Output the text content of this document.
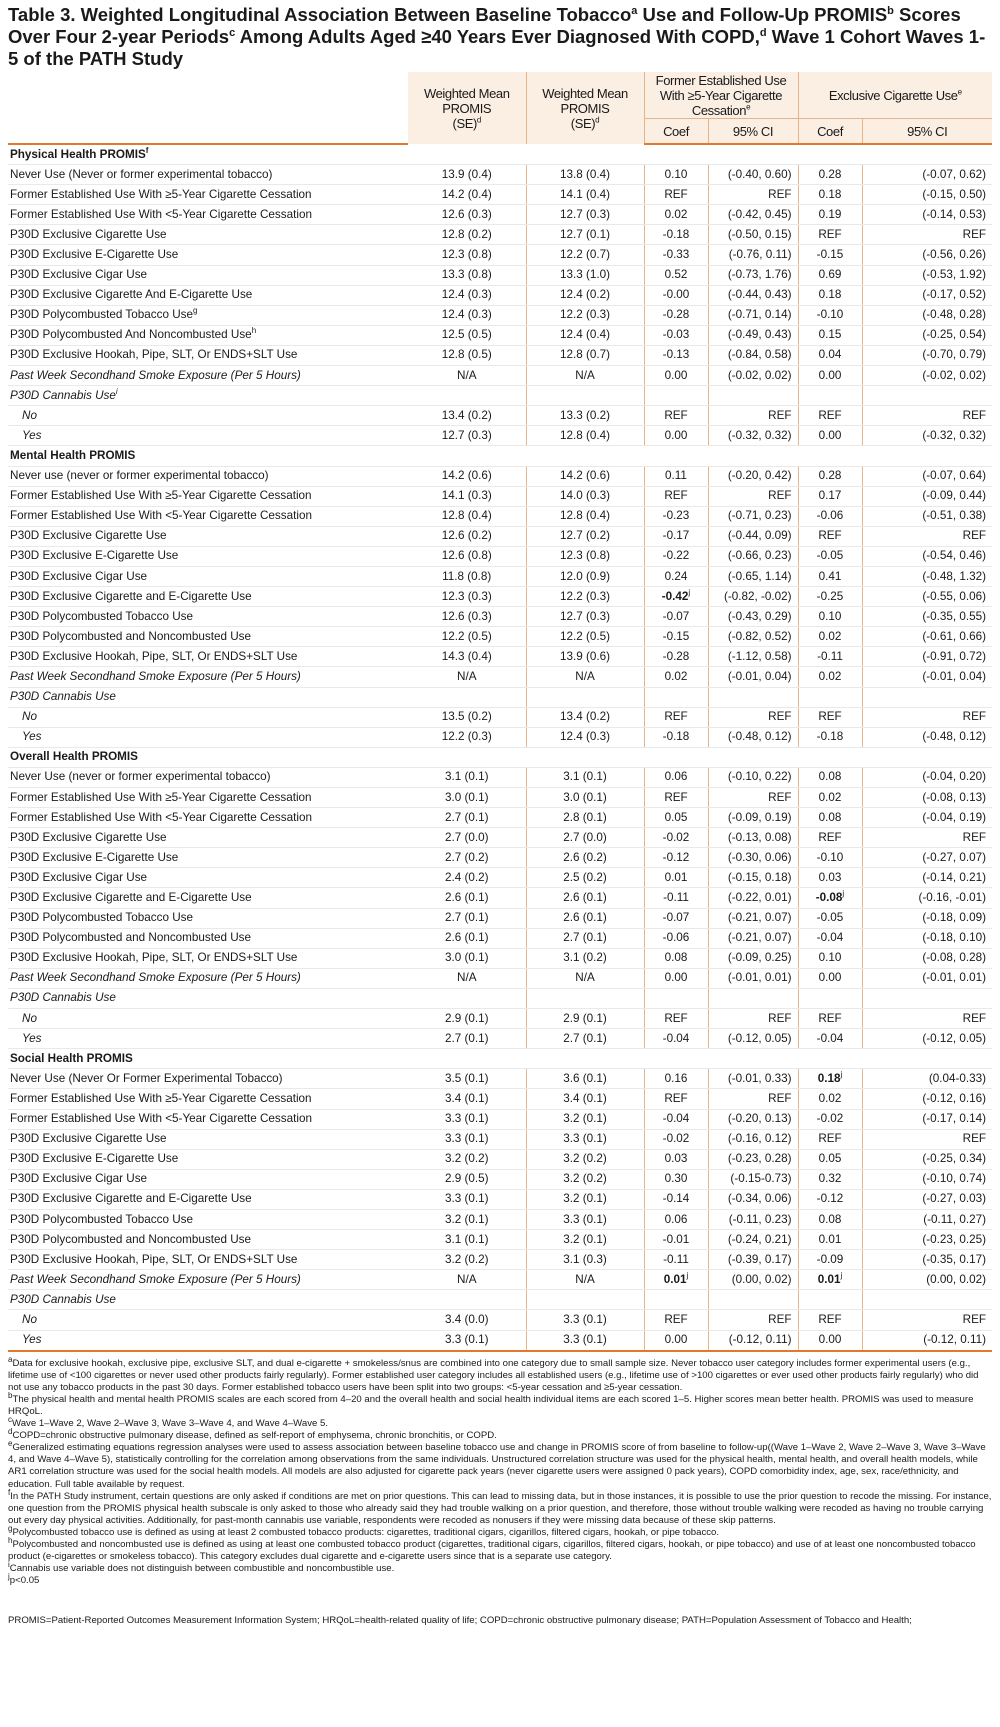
Table 3. Weighted Longitudinal Association Between Baseline Tobacco$^a$ Use and Follow-Up PROMIS$^b$ Scores Over Four 2-year Periods$^c$ Among Adults Aged ≥40 Years Ever Diagnosed With COPD,$^d$ Wave 1 Cohort Waves 1-5 of the PATH Study
	Weighted Mean
PROMIS
(SE)$^d$	Weighted Mean
PROMIS
(SE)$^d$	Former Established Use With ≥5-Year Cigarette Cessation$^e$		Exclusive Cigarette Use$^e$
			Coef	95% CI	Coef	95% CI
Physical Health PROMIS$^f$
Never Use (Never or former experimental tobacco)	13.9 (0.4)	13.8 (0.4)	0.10	(-0.40, 0.60)	0.28	(-0.07, 0.62)
Former Established Use With ≥5-Year Cigarette Cessation	14.2 (0.4)	14.1 (0.4)	REF	REF	0.18	(-0.15, 0.50)
Former Established Use With <5-Year Cigarette Cessation	12.6 (0.3)	12.7 (0.3)	0.02	(-0.42, 0.45)	0.19	(-0.14, 0.53)
P30D Exclusive Cigarette Use	12.8 (0.2)	12.7 (0.1)	-0.18	(-0.50, 0.15)	REF	REF
P30D Exclusive E-Cigarette Use	12.3 (0.8)	12.2 (0.7)	-0.33	(-0.76, 0.11)	-0.15	(-0.56, 0.26)
P30D Exclusive Cigar Use	13.3 (0.8)	13.3 (1.0)	0.52	(-0.73, 1.76)	0.69	(-0.53, 1.92)
P30D Exclusive Cigarette And E-Cigarette Use	12.4 (0.3)	12.4 (0.2)	-0.00	(-0.44, 0.43)	0.18	(-0.17, 0.52)
P30D Polycombusted Tobacco Use$^g$	12.4 (0.3)	12.2 (0.3)	-0.28	(-0.71, 0.14)	-0.10	(-0.48, 0.28)
P30D Polycombusted And Noncombusted Use$^h$	12.5 (0.5)	12.4 (0.4)	-0.03	(-0.49, 0.43)	0.15	(-0.25, 0.54)
P30D Exclusive Hookah, Pipe, SLT, Or ENDS+SLT Use	12.8 (0.5)	12.8 (0.7)	-0.13	(-0.84, 0.58)	0.04	(-0.70, 0.79)
Past Week Secondhand Smoke Exposure (Per 5 Hours)	N/A	N/A	0.00	(-0.02, 0.02)	0.00	(-0.02, 0.02)
P30D Cannabis Use$^i$						
No	13.4 (0.2)	13.3 (0.2)	REF	REF	REF	REF
Yes	12.7 (0.3)	12.8 (0.4)	0.00	(-0.32, 0.32)	0.00	(-0.32, 0.32)
Mental Health PROMIS						
Never use (never or former experimental tobacco)	14.2 (0.6)	14.2 (0.6)	0.11	(-0.20, 0.42)	0.28	(-0.07, 0.64)
Former Established Use With ≥5-Year Cigarette Cessation	14.1 (0.3)	14.0 (0.3)	REF	REF	0.17	(-0.09, 0.44)
Former Established Use With <5-Year Cigarette Cessation	12.8 (0.4)	12.8 (0.4)	-0.23	(-0.71, 0.23)	-0.06	(-0.51, 0.38)
P30D Exclusive Cigarette Use	12.6 (0.2)	12.7 (0.2)	-0.17	(-0.44, 0.09)	REF	REF
P30D Exclusive E-Cigarette Use	12.6 (0.8)	12.3 (0.8)	-0.22	(-0.66, 0.23)	-0.05	(-0.54, 0.46)
P30D Exclusive Cigar Use	11.8 (0.8)	12.0 (0.9)	0.24	(-0.65, 1.14)	0.41	(-0.48, 1.32)
P30D Exclusive Cigarette and E-Cigarette Use	12.3 (0.3)	12.2 (0.3)	-0.42$^j$	(-0.82, -0.02)	-0.25	(-0.55, 0.06)
P30D Polycombusted Tobacco Use	12.6 (0.3)	12.7 (0.3)	-0.07	(-0.43, 0.29)	0.10	(-0.35, 0.55)
P30D Polycombusted and Noncombusted Use	12.2 (0.5)	12.2 (0.5)	-0.15	(-0.82, 0.52)	0.02	(-0.61, 0.66)
P30D Exclusive Hookah, Pipe, SLT, Or ENDS+SLT Use	14.3 (0.4)	13.9 (0.6)	-0.28	(-1.12, 0.58)	-0.11	(-0.91, 0.72)
Past Week Secondhand Smoke Exposure (Per 5 Hours)	N/A	N/A	0.02	(-0.01, 0.04)	0.02	(-0.01, 0.04)
P30D Cannabis Use						
No	13.5 (0.2)	13.4 (0.2)	REF	REF	REF	REF
Yes	12.2 (0.3)	12.4 (0.3)	-0.18	(-0.48, 0.12)	-0.18	(-0.48, 0.12)
Overall Health PROMIS						
Never Use (never or former experimental tobacco)	3.1 (0.1)	3.1 (0.1)	0.06	(-0.10, 0.22)	0.08	(-0.04, 0.20)
Former Established Use With ≥5-Year Cigarette Cessation	3.0 (0.1)	3.0 (0.1)	REF	REF	0.02	(-0.08, 0.13)
Former Established Use With <5-Year Cigarette Cessation	2.7 (0.1)	2.8 (0.1)	0.05	(-0.09, 0.19)	0.08	(-0.04, 0.19)
P30D Exclusive Cigarette Use	2.7 (0.0)	2.7 (0.0)	-0.02	(-0.13, 0.08)	REF	REF
P30D Exclusive E-Cigarette Use	2.7 (0.2)	2.6 (0.2)	-0.12	(-0.30, 0.06)	-0.10	(-0.27, 0.07)
P30D Exclusive Cigar Use	2.4 (0.2)	2.5 (0.2)	0.01	(-0.15, 0.18)	0.03	(-0.14, 0.21)
P30D Exclusive Cigarette and E-Cigarette Use	2.6 (0.1)	2.6 (0.1)	-0.11	(-0.22, 0.01)	-0.08$^j$	(-0.16, -0.01)
P30D Polycombusted Tobacco Use	2.7 (0.1)	2.6 (0.1)	-0.07	(-0.21, 0.07)	-0.05	(-0.18, 0.09)
P30D Polycombusted and Noncombusted Use	2.6 (0.1)	2.7 (0.1)	-0.06	(-0.21, 0.07)	-0.04	(-0.18, 0.10)
P30D Exclusive Hookah, Pipe, SLT, Or ENDS+SLT Use	3.0 (0.1)	3.1 (0.2)	0.08	(-0.09, 0.25)	0.10	(-0.08, 0.28)
Past Week Secondhand Smoke Exposure (Per 5 Hours)	N/A	N/A	0.00	(-0.01, 0.01)	0.00	(-0.01, 0.01)
P30D Cannabis Use						
No	2.9 (0.1)	2.9 (0.1)	REF	REF	REF	REF
Yes	2.7 (0.1)	2.7 (0.1)	-0.04	(-0.12, 0.05)	-0.04	(-0.12, 0.05)
Social Health PROMIS						
Never Use (Never Or Former Experimental Tobacco)	3.5 (0.1)	3.6 (0.1)	0.16	(-0.01, 0.33)	0.18$^j$	(0.04-0.33)
Former Established Use With ≥5-Year Cigarette Cessation	3.4 (0.1)	3.4 (0.1)	REF	REF	0.02	(-0.12, 0.16)
Former Established Use With <5-Year Cigarette Cessation	3.3 (0.1)	3.2 (0.1)	-0.04	(-0.20, 0.13)	-0.02	(-0.17, 0.14)
P30D Exclusive Cigarette Use	3.3 (0.1)	3.3 (0.1)	-0.02	(-0.16, 0.12)	REF	REF
P30D Exclusive E-Cigarette Use	3.2 (0.2)	3.2 (0.2)	0.03	(-0.23, 0.28)	0.05	(-0.25, 0.34)
P30D Exclusive Cigar Use	2.9 (0.5)	3.2 (0.2)	0.30	(-0.15-0.73)	0.32	(-0.10, 0.74)
P30D Exclusive Cigarette and E-Cigarette Use	3.3 (0.1)	3.2 (0.1)	-0.14	(-0.34, 0.06)	-0.12	(-0.27, 0.03)
P30D Polycombusted Tobacco Use	3.2 (0.1)	3.3 (0.1)	0.06	(-0.11, 0.23)	0.08	(-0.11, 0.27)
P30D Polycombusted and Noncombusted Use	3.1 (0.1)	3.2 (0.1)	-0.01	(-0.24, 0.21)	0.01	(-0.23, 0.25)
P30D Exclusive Hookah, Pipe, SLT, Or ENDS+SLT Use	3.2 (0.2)	3.1 (0.3)	-0.11	(-0.39, 0.17)	-0.09	(-0.35, 0.17)
Past Week Secondhand Smoke Exposure (Per 5 Hours)	N/A	N/A	0.01$^j$	(0.00, 0.02)	0.01$^j$	(0.00, 0.02)
P30D Cannabis Use						
No	3.4 (0.0)	3.3 (0.1)	REF	REF	REF	REF
Yes	3.3 (0.1)	3.3 (0.1)	0.00	(-0.12, 0.11)	0.00	(-0.12, 0.11)

$^a$Data for exclusive hookah, exclusive pipe, exclusive SLT, and dual e-cigarette + smokeless/snus are combined into one category due to small sample size. Never tobacco user category includes former experimental users (e.g., lifetime use of <100 cigarettes or never used other products fairly regularly). Former established user category includes all established users (e.g., lifetime use of >100 cigarettes or ever used other products fairly regularly) who did not use any tobacco products in the past 30 days. Former established tobacco users have been split into two groups: <5-year cessation and ≥5-year cessation.

$^b$The physical health and mental health PROMIS scales are each scored from 4–20 and the overall health and social health individual items are each scored 1–5. Higher scores mean better health. PROMIS was used to measure HRQoL.

$^c$Wave 1–Wave 2, Wave 2–Wave 3, Wave 3–Wave 4, and Wave 4–Wave 5.

$^d$COPD=chronic obstructive pulmonary disease, defined as self-report of emphysema, chronic bronchitis, or COPD.

$^e$Generalized estimating equations regression analyses were used to assess association between baseline tobacco use and change in PROMIS score of from baseline to follow-up((Wave 1–Wave 2, Wave 2–Wave 3, Wave 3–Wave 4, and Wave 4–Wave 5), statistically controlling for the correlation among observations from the same individuals. Unstructured correlation structure was used for the physical health, mental health, and overall health models, while AR1 correlation structure was used for the social health models. All models are also adjusted for cigarette pack years (never cigarette users were assigned 0 pack years), COPD comorbidity index, age, sex, race/ethnicity, and education. Full table available by request.

$^f$In the PATH Study instrument, certain questions are only asked if conditions are met on prior questions. This can lead to missing data, but in those instances, it is possible to use the prior question to recode the missing. For instance, one question from the PROMIS physical health subscale is only asked to those who already said they had trouble walking on a prior question, and therefore, those without trouble walking were recoded as having no trouble carrying out every day physical activities. Additionally, for past-month cannabis use variable, respondents were recoded as nonusers if they were missing data because of these skip patterns.

$^g$Polycombusted tobacco use is defined as using at least 2 combusted tobacco products: cigarettes, traditional cigars, cigarillos, filtered cigars, hookah, or pipe tobacco.

$^h$Polycombusted and noncombusted use is defined as using at least one combusted tobacco product (cigarettes, traditional cigars, cigarillos, filtered cigars, hookah, or pipe tobacco) and use of at least one noncombusted tobacco product (e-cigarettes or smokeless tobacco). This category excludes dual cigarette and e-cigarette users since that is a separate use category.

$^i$Cannabis use variable does not distinguish between combustible and noncombustible use.

$^j$p<0.05

PROMIS=Patient-Reported Outcomes Measurement Information System; HRQoL=health-related quality of life; COPD=chronic obstructive pulmonary disease; PATH=Population Assessment of Tobacco and Health;
